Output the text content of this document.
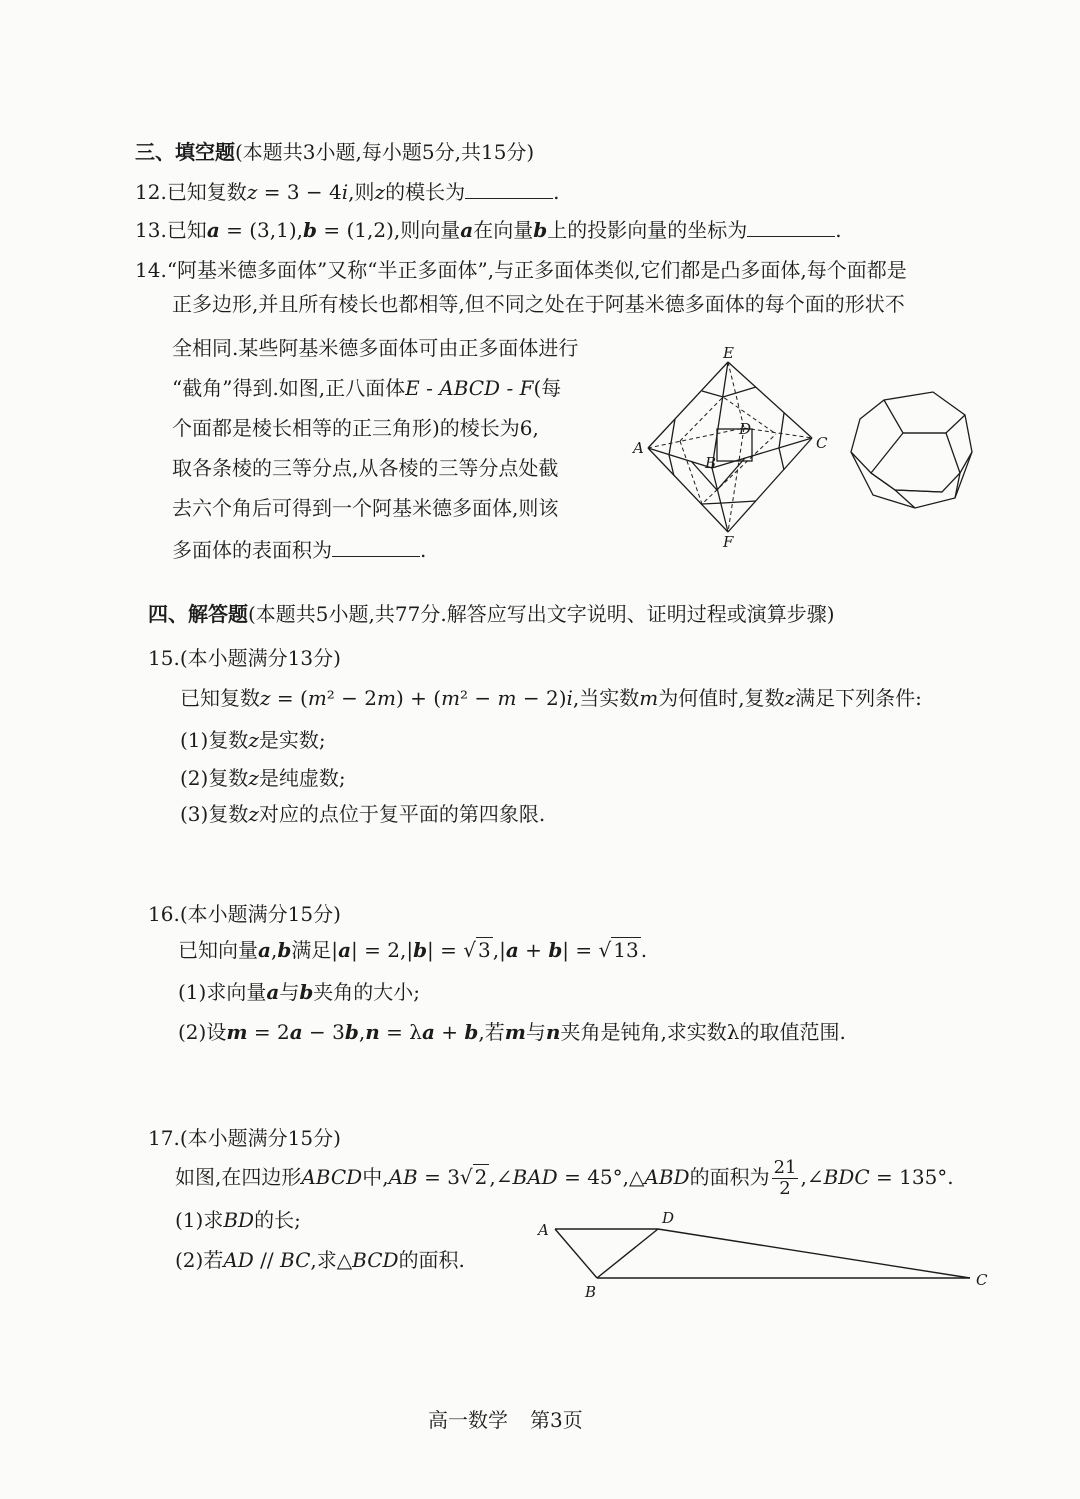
三、填空题(本题共3小题,每小题5分,共15分)
12.已知复数z = 3 − 4i,则z的模长为	.
13.已知a = (3,1),b = (1,2),则向量a在向量b上的投影向量的坐标为	.
14.“阿基米德多面体”又称“半正多面体”,与正多面体类似,它们都是凸多面体,每个面都是
正多边形,并且所有棱长也都相等,但不同之处在于阿基米德多面体的每个面的形状不
全相同.某些阿基米德多面体可由正多面体进行
“截角”得到.如图,正八面体E - ABCD - F(每
个面都是棱长相等的正三角形)的棱长为6,
取各条棱的三等分点,从各棱的三等分点处截
去六个角后可得到一个阿基米德多面体,则该
多面体的表面积为	.
E
A
B
D
C
F
四、解答题(本题共5小题,共77分.解答应写出文字说明、证明过程或演算步骤)
15.(本小题满分13分)
已知复数z = (m² − 2m) + (m² − m − 2)i,当实数m为何值时,复数z满足下列条件:
(1)复数z是实数;
(2)复数z是纯虚数;
(3)复数z对应的点位于复平面的第四象限.
16.(本小题满分15分)
已知向量a,b满足|a| = 2,|b| = √ 3 ,|a + b| = √ 13 .
(1)求向量a与b夹角的大小;
(2)设m = 2a − 3b,n = λa + b,若m与n夹角是钝角,求实数λ的取值范围.
17.(本小题满分15分)
如图,在四边形ABCD中,AB = 3√ 2 ,∠BAD = 45°,△ABD的面积为 $\frac{21}{2}$ ,∠BDC = 135°.
(1)求BD的长;
(2)若AD // BC,求△BCD的面积.
A
D
B
C
高一数学 第3页
